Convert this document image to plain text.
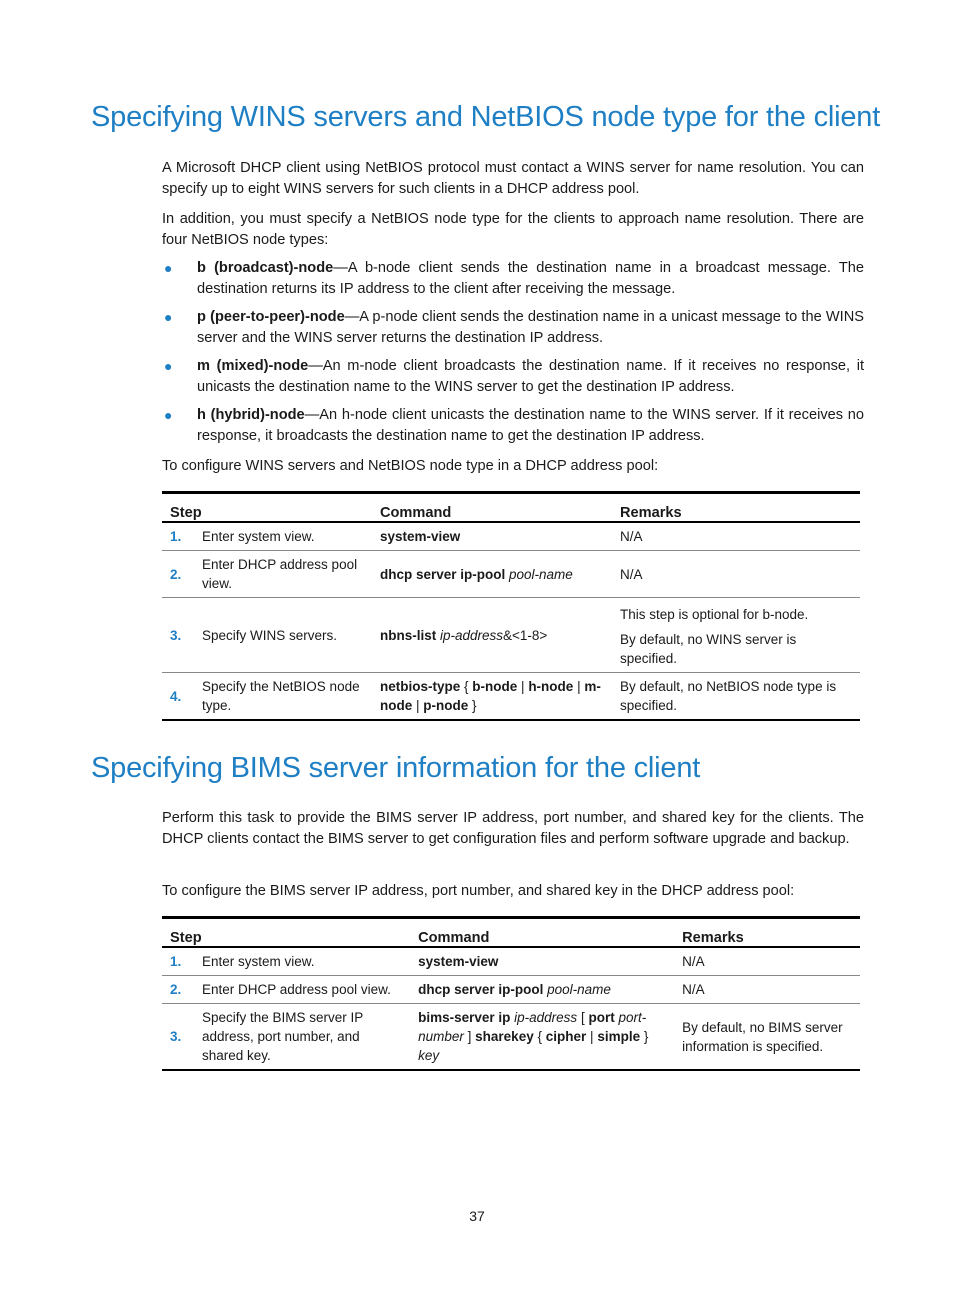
Specifying WINS servers and NetBIOS node type for the client

A Microsoft DHCP client using NetBIOS protocol must contact a WINS server for name resolution. You can specify up to eight WINS servers for such clients in a DHCP address pool.

In addition, you must specify a NetBIOS node type for the clients to approach name resolution. There are four NetBIOS node types:

● b (broadcast)-node—A b-node client sends the destination name in a broadcast message. The destination returns its IP address to the client after receiving the message.
● p (peer-to-peer)-node—A p-node client sends the destination name in a unicast message to the WINS server and the WINS server returns the destination IP address.
● m (mixed)-node—An m-node client broadcasts the destination name. If it receives no response, it unicasts the destination name to the WINS server to get the destination IP address.
● h (hybrid)-node—An h-node client unicasts the destination name to the WINS server. If it receives no response, it broadcasts the destination name to get the destination IP address.

To configure WINS servers and NetBIOS node type in a DHCP address pool:

Step		Command	Remarks
1.	Enter system view.	system-view	N/A
2.	Enter DHCP address pool view.	dhcp server ip-pool pool-name	N/A
3.	Specify WINS servers.	nbns-list ip-address&<1-8>	This step is optional for b-node.

By default, no WINS server is specified.

4.	Specify the NetBIOS node type.	netbios-type { b-node | h-node | m-node | p-node }	By default, no NetBIOS node type is specified.
Specifying BIMS server information for the client

Perform this task to provide the BIMS server IP address, port number, and shared key for the clients. The DHCP clients contact the BIMS server to get configuration files and perform software upgrade and backup.

To configure the BIMS server IP address, port number, and shared key in the DHCP address pool:

Step		Command	Remarks
1.	Enter system view.	system-view	N/A
2.	Enter DHCP address pool view.	dhcp server ip-pool pool-name	N/A
3.	Specify the BIMS server IP address, port number, and shared key.	bims-server ip ip-address [ port port-number ] sharekey { cipher | simple } key	By default, no BIMS server information is specified.
37
